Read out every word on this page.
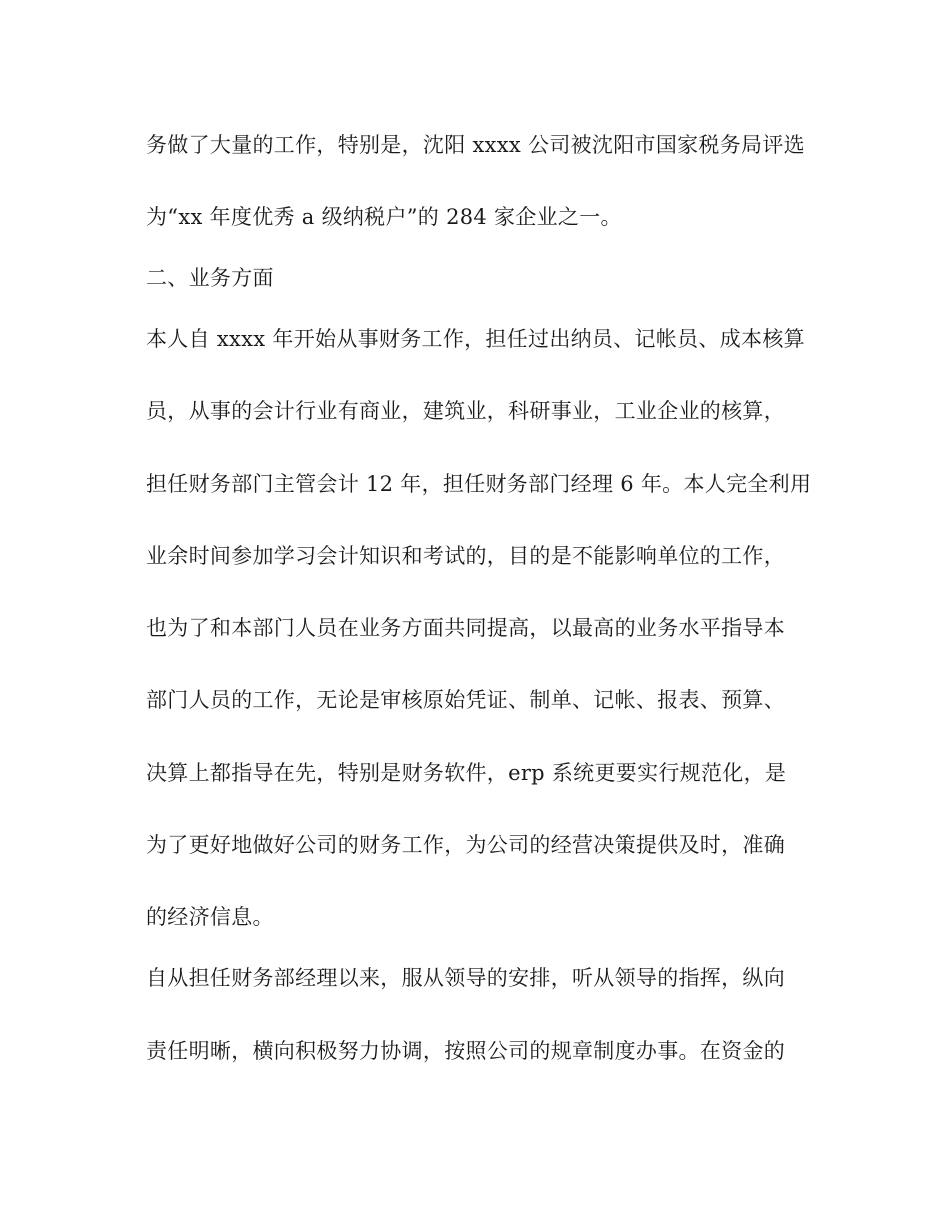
务做了大量的工作，特别是，沈阳 xxxx 公司被沈阳市国家税务局评选
为“xx 年度优秀 a 级纳税户”的 284 家企业之一。
二、业务方面
本人自 xxxx 年开始从事财务工作，担任过出纳员、记帐员、成本核算
员，从事的会计行业有商业，建筑业，科研事业，工业企业的核算，
担任财务部门主管会计 12 年，担任财务部门经理 6 年。本人完全利用
业余时间参加学习会计知识和考试的，目的是不能影响单位的工作，
也为了和本部门人员在业务方面共同提高，以最高的业务水平指导本
部门人员的工作，无论是审核原始凭证、制单、记帐、报表、预算、
决算上都指导在先，特别是财务软件，erp 系统更要实行规范化，是
为了更好地做好公司的财务工作，为公司的经营决策提供及时，准确
的经济信息。
自从担任财务部经理以来，服从领导的安排，听从领导的指挥，纵向
责任明晰，横向积极努力协调，按照公司的规章制度办事。在资金的
